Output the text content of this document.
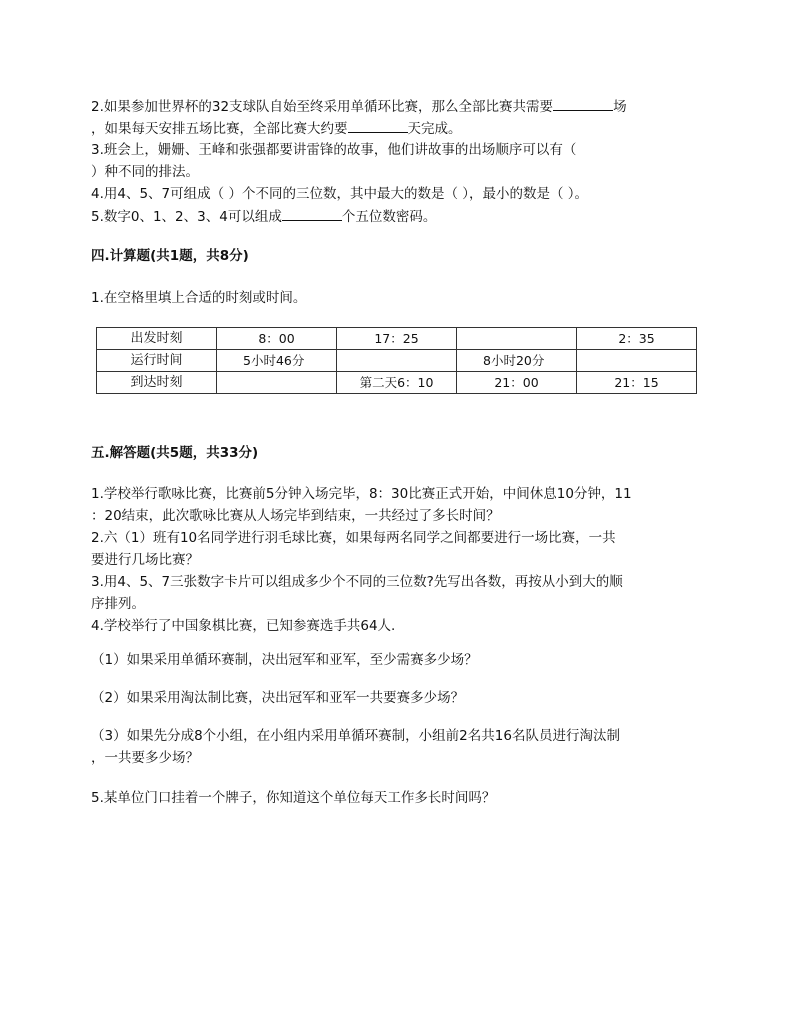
2.如果参加世界杯的32支球队自始至终采用单循环比赛，那么全部比赛共需要	场
，如果每天安排五场比赛，全部比赛大约要	天完成。
3.班会上，姗姗、王峰和张强都要讲雷锋的故事，他们讲故事的出场顺序可以有（
）种不同的排法。
4.用4、5、7可组成（ ）个不同的三位数，其中最大的数是（ ），最小的数是（ ）。
5.数字0、1、2、3、4可以组成	个五位数密码。
四.计算题(共1题，共8分)
1.在空格里填上合适的时刻或时间。
出发时刻	8：00	17：25		2：35
运行时间	5小时46分		8小时20分	
到达时刻		第二天6：10	21：00	21：15
五.解答题(共5题，共33分)
1.学校举行歌咏比赛，比赛前5分钟入场完毕，8：30比赛正式开始，中间休息10分钟，11
：20结束，此次歌咏比赛从人场完毕到结束，一共经过了多长时间？
2.六（1）班有10名同学进行羽毛球比赛，如果每两名同学之间都要进行一场比赛，一共
要进行几场比赛？
3.用4、5、7三张数字卡片可以组成多少个不同的三位数?先写出各数，再按从小到大的顺
序排列。
4.学校举行了中国象棋比赛，已知参赛选手共64人.
（1）如果采用单循环赛制，决出冠军和亚军，至少需赛多少场？
（2）如果采用淘汰制比赛，决出冠军和亚军一共要赛多少场？
（3）如果先分成8个小组，在小组内采用单循环赛制，小组前2名共16名队员进行淘汰制
，一共要多少场？
5.某单位门口挂着一个牌子，你知道这个单位每天工作多长时间吗？
